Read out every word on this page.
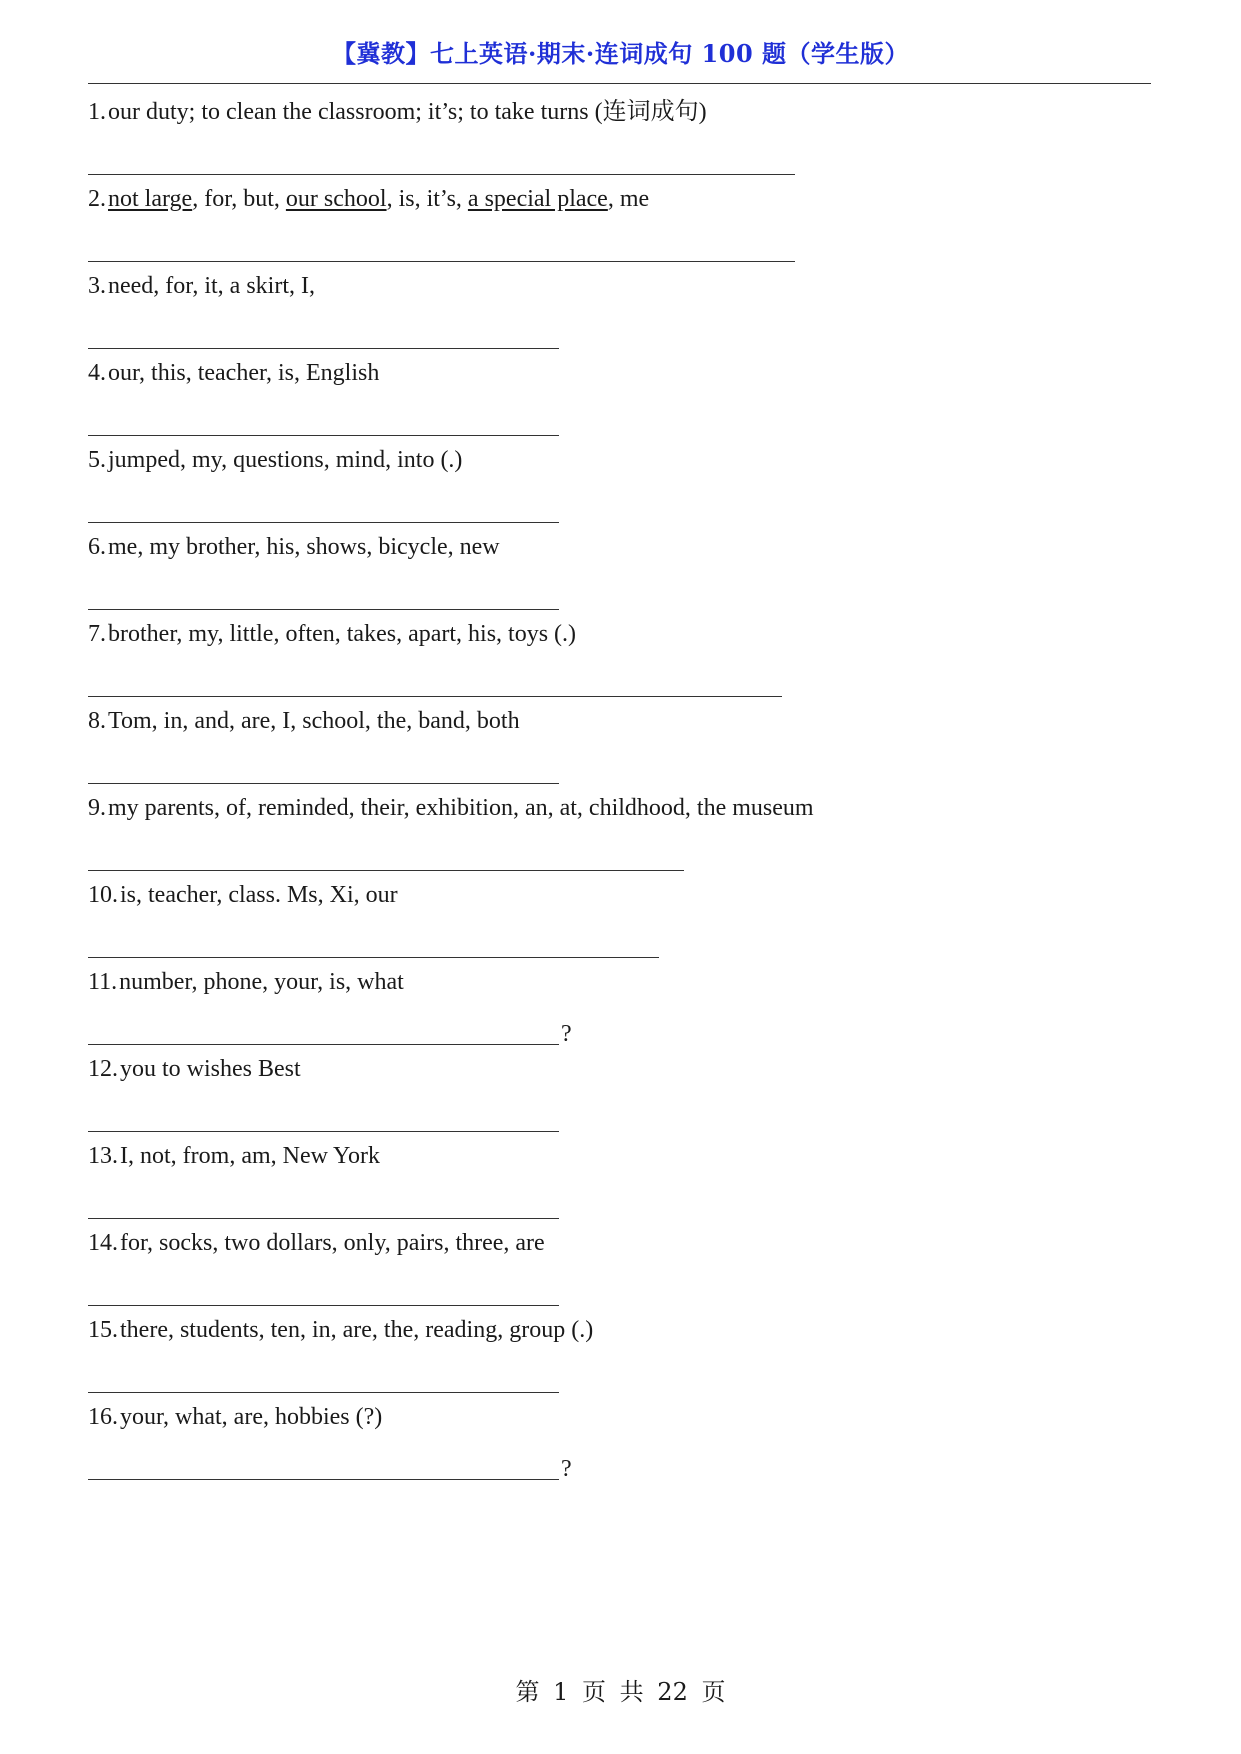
【冀教】七上英语·期末·连词成句 100 题（学生版）
1.our duty; to clean the classroom; it’s; to take turns (连词成句)
2.not large, for, but, our school, is, it’s, a special place, me
3.need, for, it, a skirt, I,
4.our, this, teacher, is, English
5.jumped, my, questions, mind, into (.)
6.me, my brother, his, shows, bicycle, new
7.brother, my, little, often, takes, apart, his, toys (.)
8.Tom, in, and, are, I, school, the, band, both
9.my parents, of, reminded, their, exhibition, an, at, childhood, the museum
10.is, teacher, class. Ms, Xi, our
11.number, phone, your, is, what
?
12.you to wishes Best
13.I, not, from, am, New York
14.for, socks, two dollars, only, pairs, three, are
15.there, students, ten, in, are, the, reading, group (.)
16.your, what, are, hobbies (?)
?
第 1 页 共 22 页
